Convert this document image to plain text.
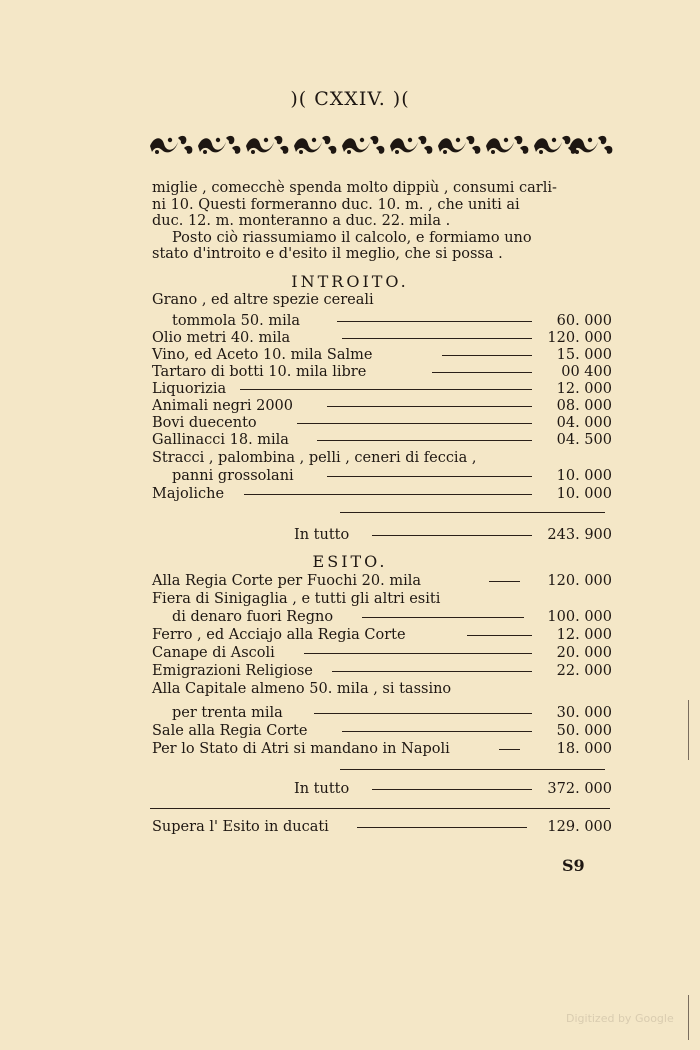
)( CXXIV. )(
miglie , comecchè spenda molto dippiù , consumi carli-
ni 10. Questi formeranno duc. 10. m. , che uniti ai
duc. 12. m. monteranno a duc. 22. mila .
Posto ciò riassumiamo il calcolo, e formiamo uno
stato d'introito e d'esito il meglio, che si possa .
INTROITO.
Grano , ed altre spezie cereali
tommola 50. mila	60. 000
Olio metri 40. mila	120. 000
Vino, ed Aceto 10. mila Salme	15. 000
Tartaro di botti 10. mila libre	00 400
Liquorizia	12. 000
Animali negri 2000	08. 000
Bovi duecento	04. 000
Gallinacci 18. mila	04. 500
Stracci , palombina , pelli , ceneri di feccia ,
panni grossolani	10. 000
Majoliche	10. 000
In tutto	243. 900
ESITO.
Alla Regia Corte per Fuochi 20. mila	120. 000
Fiera di Sinigaglia , e tutti gli altri esiti
di denaro fuori Regno	100. 000
Ferro , ed Acciajo alla Regia Corte	12. 000
Canape di Ascoli	20. 000
Emigrazioni Religiose	22. 000
Alla Capitale almeno 50. mila , si tassino
per trenta mila	30. 000
Sale alla Regia Corte	50. 000
Per lo Stato di Atri si mandano in Napoli	18. 000
In tutto	372. 000
Supera l' Esito in ducati	129. 000
S9
Digitized by Google
